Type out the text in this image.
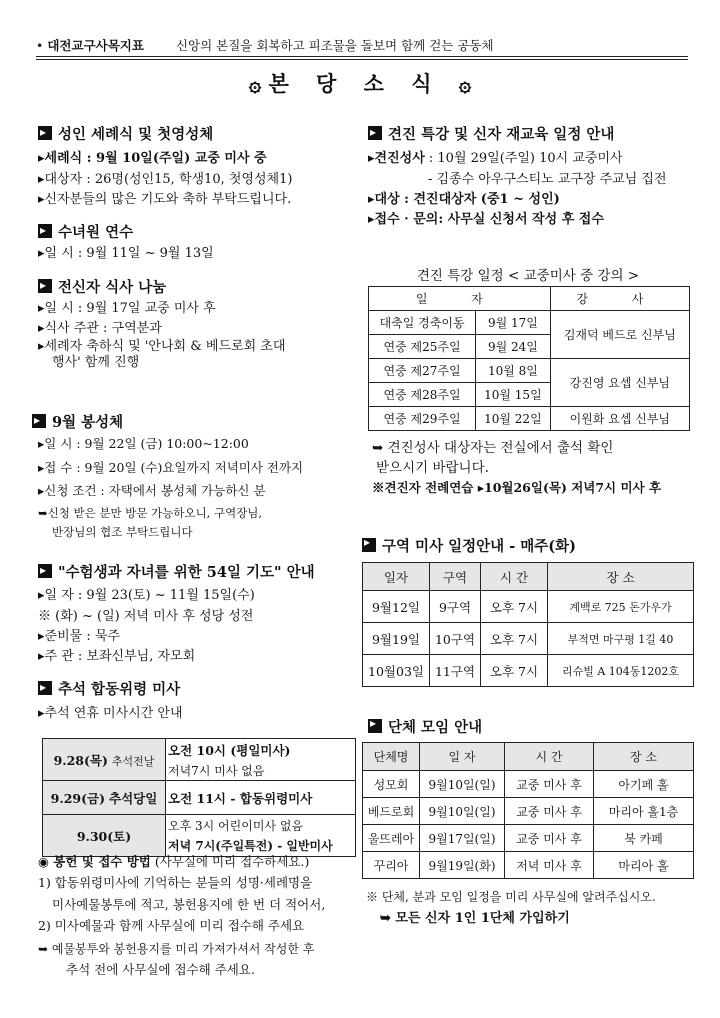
• 대전교구사목지표	신앙의 본질을 회복하고 피조물을 돌보며 함께 걷는 공동체
۞ 본 당 소 식 ۞

▸성인 세례식 및 첫영성체

▸세례식 : 9월 10일(주일) 교중 미사 중

▸대상자 : 26명(성인15, 학생10, 첫영성체1)

▸신자분들의 많은 기도와 축하 부탁드립니다.

▸수녀원 연수

▸일 시 : 9월 11일 ~ 9월 13일

▸전신자 식사 나눔

▸일 시 : 9월 17일 교중 미사 후

▸식사 주관 : 구역분과

▸세례자 축하식 및 '안나회 & 베드로회 초대

행사' 함께 진행

▸9월 봉성체

▸일 시 : 9월 22일 (금) 10:00~12:00

▸접 수 : 9월 20일 (수)요일까지 저녁미사 전까지

▸신청 조건 : 자택에서 봉성체 가능하신 분

➥신청 받은 분만 방문 가능하오니, 구역장님,

반장님의 협조 부탁드립니다

▸"수험생과 자녀를 위한 54일 기도" 안내

▸일 자 : 9월 23(토) ~ 11월 15일(수)

※ (화) ~ (일) 저녁 미사 후 성당 성전

▸준비물 : 묵주

▸주 관 : 보좌신부님, 자모회

▸추석 합동위령 미사

▸추석 연휴 미사시간 안내

9.28(목) 추석전날	오전 10시 (평일미사)
	저녁7시 미사 없음
9.29(금) 추석당일	오전 11시 - 합동위령미사
9.30(토)	오후 3시 어린이미사 없음
	저녁 7시(주일특전) - 일반미사

◉ 봉헌 및 접수 방법 (사무실에 미리 접수하세요.)

1) 합동위령미사에 기억하는 분들의 성명·세례명을

미사예물봉투에 적고, 봉헌용지에 한 번 더 적어서,

2) 미사예물과 함께 사무실에 미리 접수해 주세요

➥ 예물봉투와 봉헌용지를 미리 가져가셔서 작성한 후

추석 전에 사무실에 접수해 주세요.

▸견진 특강 및 신자 재교육 일정 안내

▸견진성사 : 10월 29일(주일) 10시 교중미사

- 김종수 아우구스티노 교구장 주교님 집전

▸대상 : 견진대상자 (중1 ~ 성인)

▸접수 · 문의: 사무실 신청서 작성 후 접수

견진 특강 일정 < 교중미사 중 강의 >
일 자		강 사
대축일 경축이동	9월 17일	김재덕 베드로 신부님
연중 제25주일	9월 24일	
연중 제27주일	10월 8일	강진영 요셉 신부님
연중 제28주일	10월 15일	
연중 제29주일	10월 22일	이원화 요셉 신부님

➥ 견진성사 대상자는 전실에서 출석 확인

받으시기 바랍니다.

※견진자 전례연습 ▸10월26일(목) 저녁7시 미사 후

▸구역 미사 일정안내 - 매주(화)

일자	구역	시 간	장 소
9월12일	9구역	오후 7시	계백로 725 돈가우가
9월19일	10구역	오후 7시	부적면 마구평 1길 40
10월03일	11구역	오후 7시	리슈빌 A 104동1202호

▸단체 모임 안내

단체명	일 자	시 간	장 소
성모회	9월10일(일)	교중 미사 후	아기페 홀
베드로회	9월10일(일)	교중 미사 후	마리아 홀1층
울뜨레아	9월17일(일)	교중 미사 후	북 카페
꾸리아	9월19일(화)	저녁 미사 후	마리아 홀

※ 단체, 분과 모임 일정을 미리 사무실에 알려주십시오.

➥ 모든 신자 1인 1단체 가입하기
